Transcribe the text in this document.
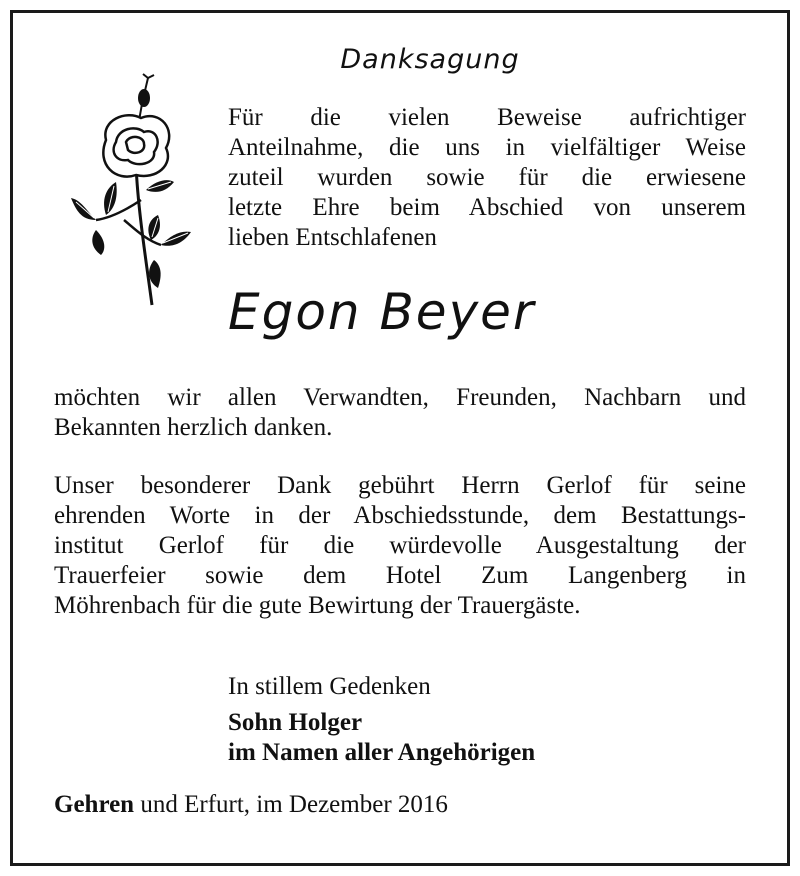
Danksagung
Für die vielen Beweise aufrichtiger
Anteilnahme, die uns in vielfältiger Weise
zuteil wurden sowie für die erwiesene
letzte Ehre beim Abschied von unserem
lieben Entschlafenen
Egon Beyer
möchten wir allen Verwandten, Freunden, Nachbarn und
Bekannten herzlich danken.
Unser besonderer Dank gebührt Herrn Gerlof für seine
ehrenden Worte in der Abschiedsstunde, dem Bestattungs-
institut Gerlof für die würdevolle Ausgestaltung der
Trauerfeier sowie dem Hotel Zum Langenberg in
Möhrenbach für die gute Bewirtung der Trauergäste.
In stillem Gedenken
Sohn Holger
im Namen aller Angehörigen
Gehren und Erfurt, im Dezember 2016
